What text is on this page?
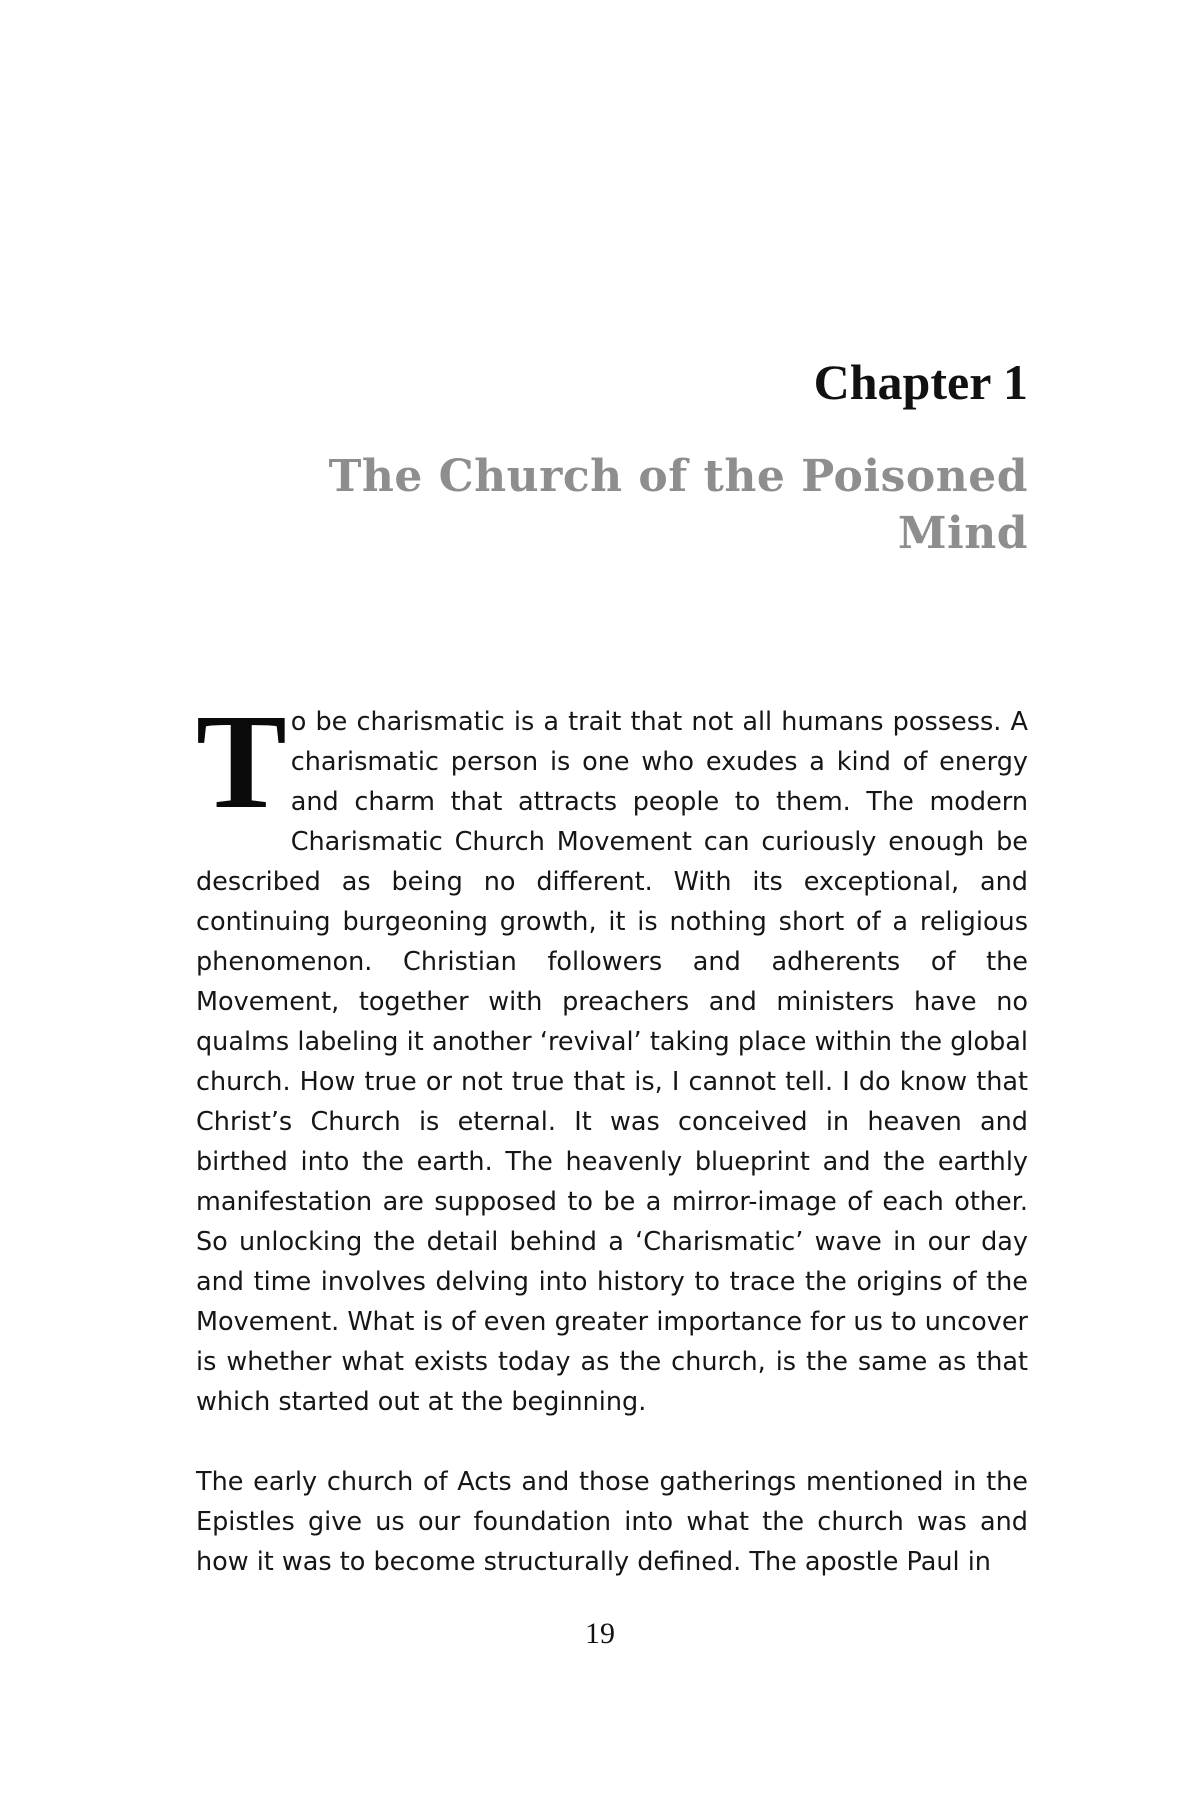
Chapter 1
The Church of the Poisoned Mind

To be charismatic is a trait that not all humans possess. A charismatic person is one who exudes a kind of energy and charm that attracts people to them. The modern Charismatic Church Movement can curiously enough be described as being no different. With its exceptional, and continuing burgeoning growth, it is nothing short of a religious phenomenon. Christian followers and adherents of the Movement, together with preachers and ministers have no qualms labeling it another ‘revival’ taking place within the global church. How true or not true that is, I cannot tell. I do know that Christ’s Church is eternal. It was conceived in heaven and birthed into the earth. The heavenly blueprint and the earthly manifestation are supposed to be a mirror-image of each other. So unlocking the detail behind a ‘Charismatic’ wave in our day and time involves delving into history to trace the origins of the Movement. What is of even greater importance for us to uncover is whether what exists today as the church, is the same as that which started out at the beginning.

The early church of Acts and those gatherings mentioned in the Epistles give us our foundation into what the church was and how it was to become structurally defined. The apostle Paul in

19
